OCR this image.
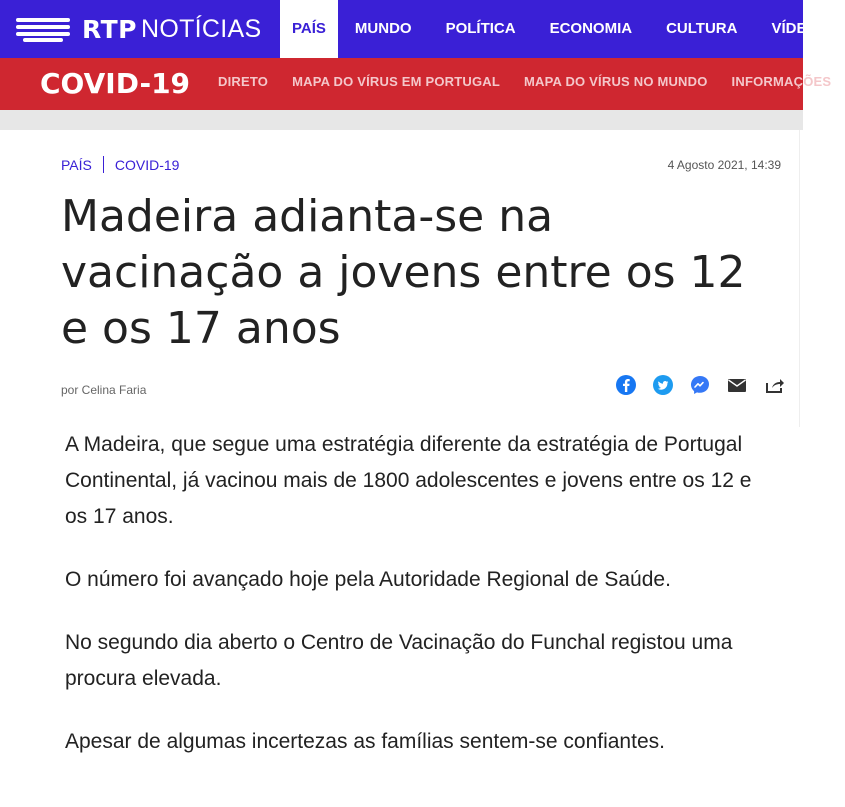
RTP NOTÍCIAS	PAÍS	MUNDO	POLÍTICA	ECONOMIA	CULTURA	VÍDEOS
COVID-19	DIRETO	MAPA DO VÍRUS EM PORTUGAL	MAPA DO VÍRUS NO MUNDO	INFORMAÇÕES
PAÍS COVID-19	4 Agosto 2021, 14:39
Madeira adianta-se na vacinação a jovens entre os 12 e os 17 anos
por Celina Faria

A Madeira, que segue uma estratégia diferente da estratégia de Portugal Continental, já vacinou mais de 1800 adolescentes e jovens entre os 12 e os 17 anos.

O número foi avançado hoje pela Autoridade Regional de Saúde.

No segundo dia aberto o Centro de Vacinação do Funchal registou uma procura elevada.

Apesar de algumas incertezas as famílias sentem-se confiantes.
